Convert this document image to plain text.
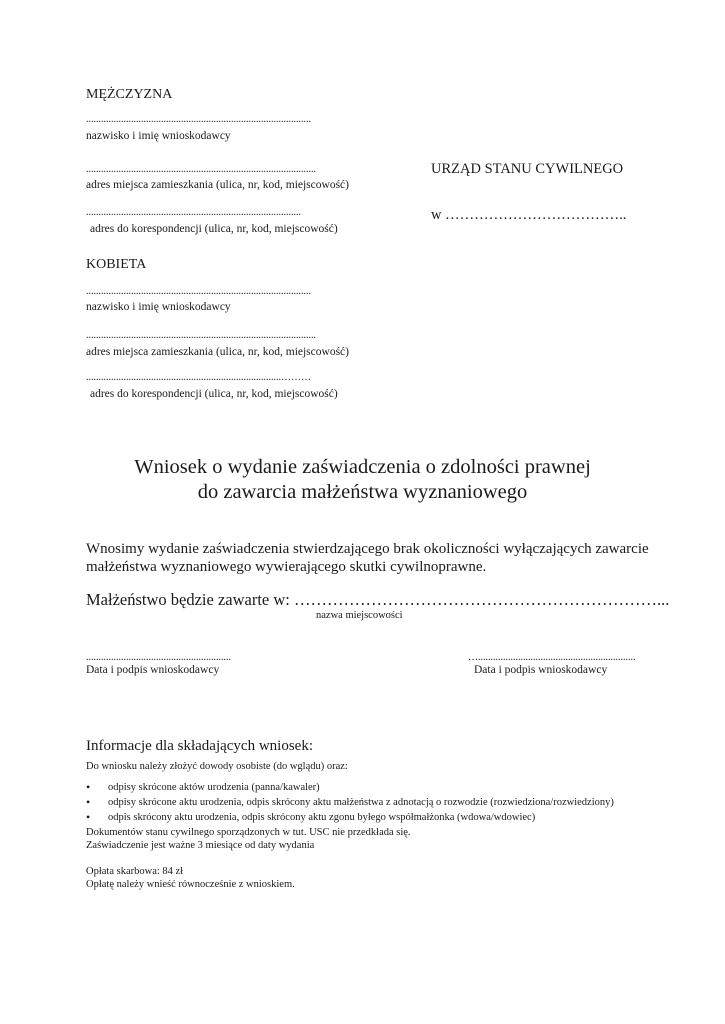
MĘŻCZYZNA
..........................................................................................
nazwisko i imię wnioskodawcy
............................................................................................
adres miejsca zamieszkania (ulica, nr, kod, miejscowość)
......................................................................................
adres do korespondencji (ulica, nr, kod, miejscowość)
URZĄD STANU CYWILNEGO
w ………………………………..
KOBIETA
..........................................................................................
nazwisko i imię wnioskodawcy
............................................................................................
adres miejsca zamieszkania (ulica, nr, kod, miejscowość)
..............................................................................………
adres do korespondencji (ulica, nr, kod, miejscowość)
Wniosek o wydanie zaświadczenia o zdolności prawnej
do zawarcia małżeństwa wyznaniowego
Wnosimy wydanie zaświadczenia stwierdzającego brak okoliczności wyłączających zawarcie
małżeństwa wyznaniowego wywierającego skutki cywilnoprawne.
Małżeństwo będzie zawarte w: …………………………………………………………...
nazwa miejscowości
..........................................................
Data i podpis wnioskodawcy
…...............................................................
Data i podpis wnioskodawcy
Informacje dla składających wniosek:
Do wniosku należy złożyć dowody osobiste (do wglądu) oraz:
• odpisy skrócone aktów urodzenia (panna/kawaler)
• odpisy skrócone aktu urodzenia, odpis skrócony aktu małżeństwa z adnotacją o rozwodzie (rozwiedziona/rozwiedziony)
• odpis skrócony aktu urodzenia, odpis skrócony aktu zgonu byłego współmałżonka (wdowa/wdowiec)
Dokumentów stanu cywilnego sporządzonych w tut. USC nie przedkłada się.
Zaświadczenie jest ważne 3 miesiące od daty wydania
Opłata skarbowa: 84 zł
Opłatę należy wnieść równocześnie z wnioskiem.
